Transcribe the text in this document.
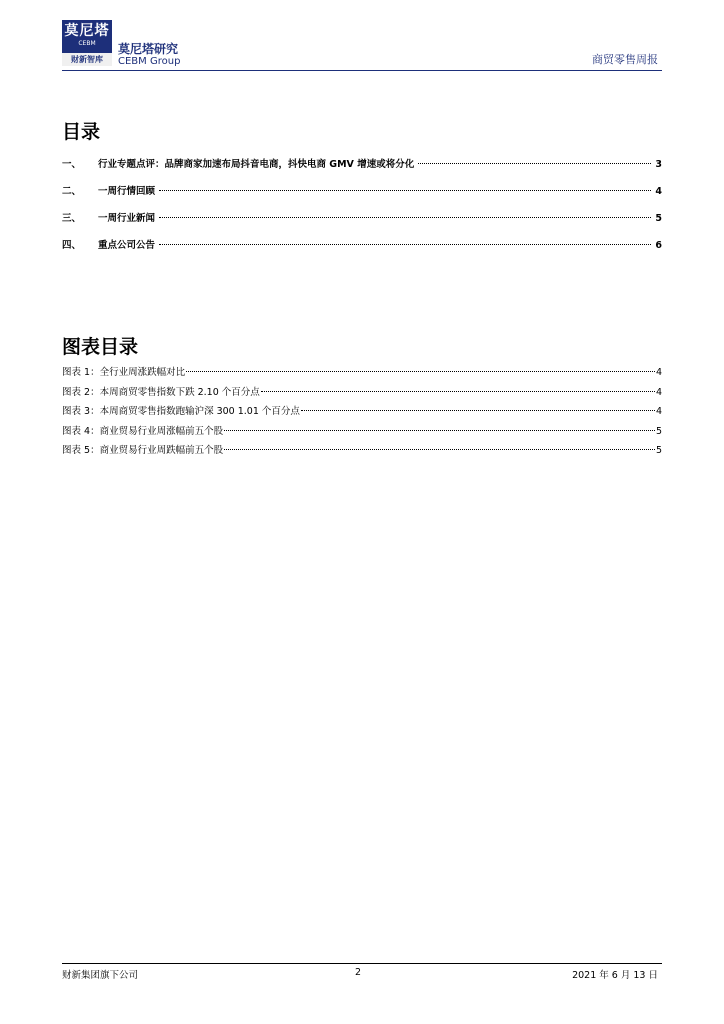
莫尼塔
CEBM
财新智库
莫尼塔研究
CEBM Group	商贸零售周报
目录
一、	行业专题点评：品牌商家加速布局抖音电商，抖快电商 GMV 增速或将分化	3
二、	一周行情回顾	4
三、	一周行业新闻	5
四、	重点公司公告	6
图表目录
图表 1：全行业周涨跌幅对比	4
图表 2：本周商贸零售指数下跌 2.10 个百分点	4
图表 3：本周商贸零售指数跑输沪深 300 1.01 个百分点	4
图表 4：商业贸易行业周涨幅前五个股	5
图表 5：商业贸易行业周跌幅前五个股	5
财新集团旗下公司	2	2021 年 6 月 13 日
